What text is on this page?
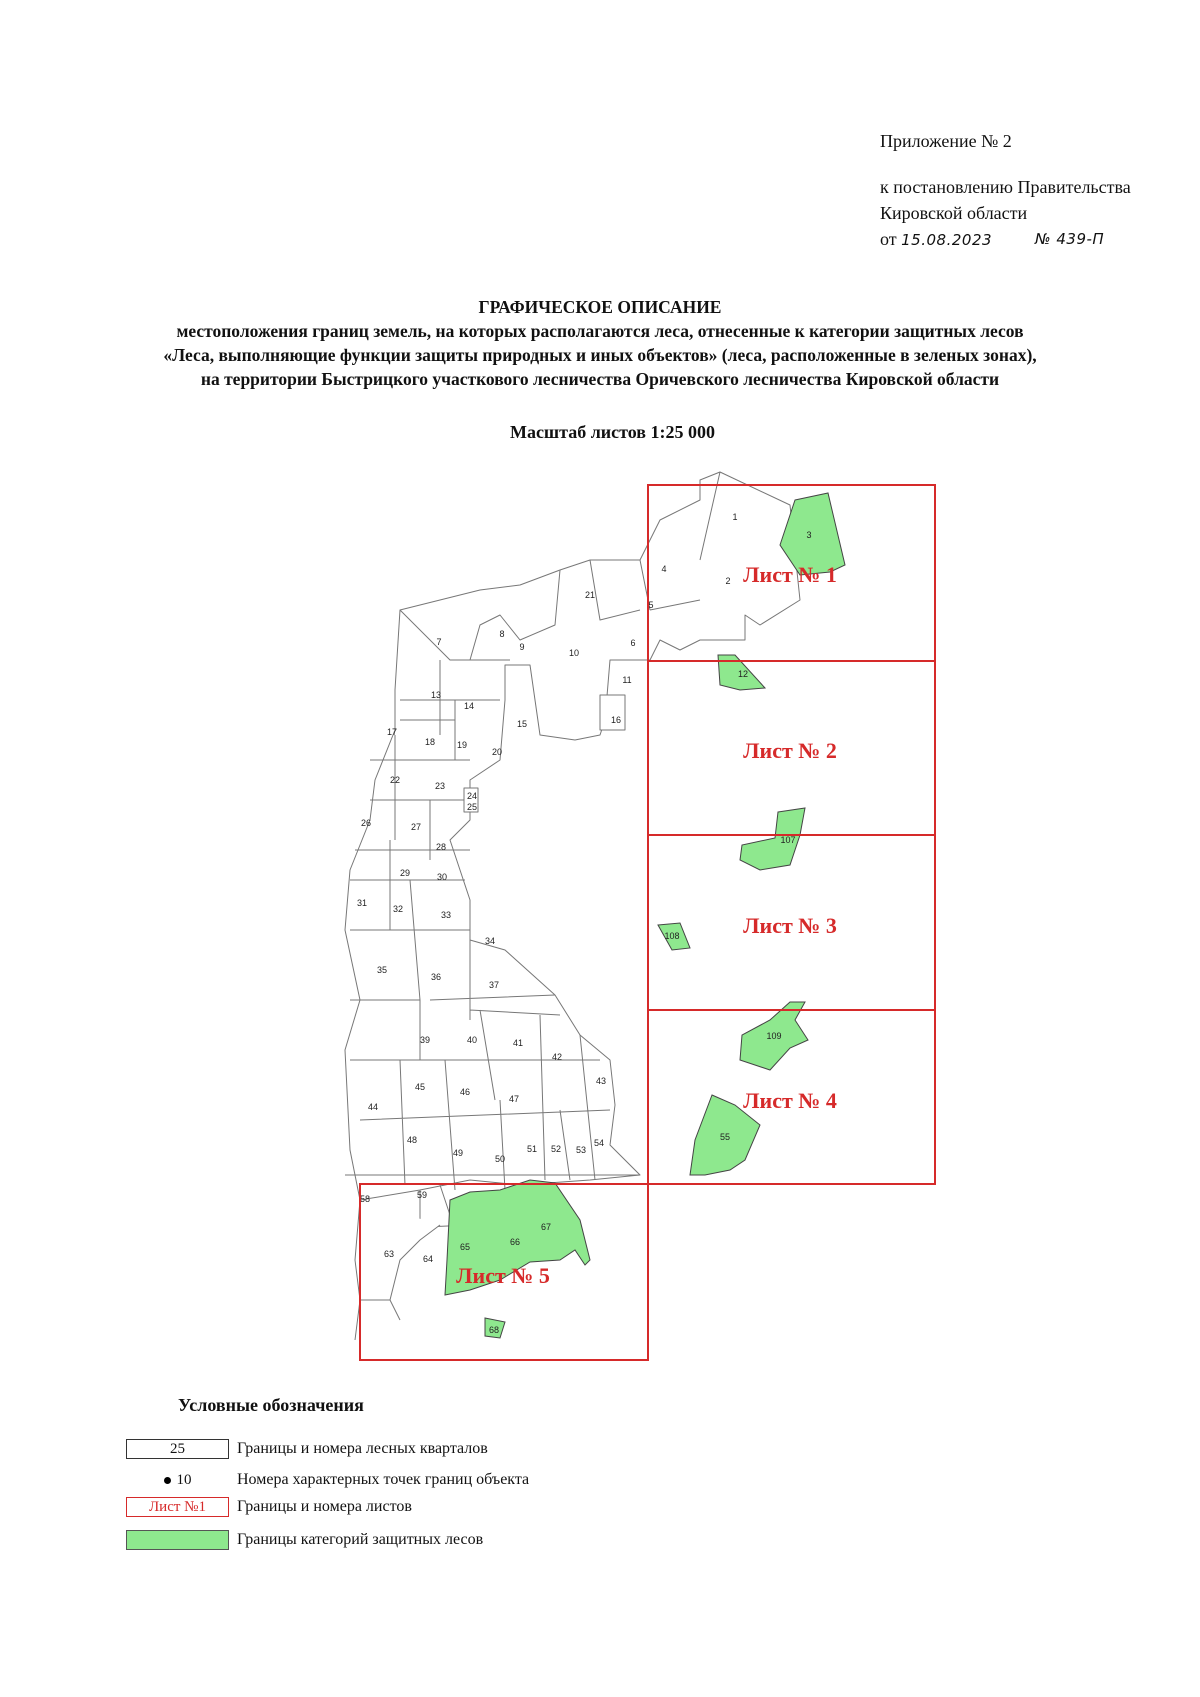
Приложение № 2
к постановлению Правительства
Кировской области
от 15.08.2023	№ 439-П
ГРАФИЧЕСКОЕ ОПИСАНИЕ
местоположения границ земель, на которых располагаются леса, отнесенные к категории защитных лесов
«Леса, выполняющие функции защиты природных и иных объектов» (леса, расположенные в зеленых зонах),
на территории Быстрицкого участкового лесничества Оричевского лесничества Кировской области
Масштаб листов 1:25 000
1
3
4
2
5
21
7
8
9
10
6
12
11
13
14
15	16
17
18 19
20
22
23
24
25
26	27
28
107
29	30
31
32
33
108
34
35
36
37
109
39	40	41
42
43
45	46
47
44
48
49
50
51 52 53
54
55
58	59
67
66
65
63	64
68
Лист № 1
Лист № 2
Лист № 3
Лист № 4
Лист № 5
Условные обозначения
25	Границы и номера лесных кварталов
10	Номера характерных точек границ объекта
Лист №1 Границы и номера листов
Границы категорий защитных лесов
